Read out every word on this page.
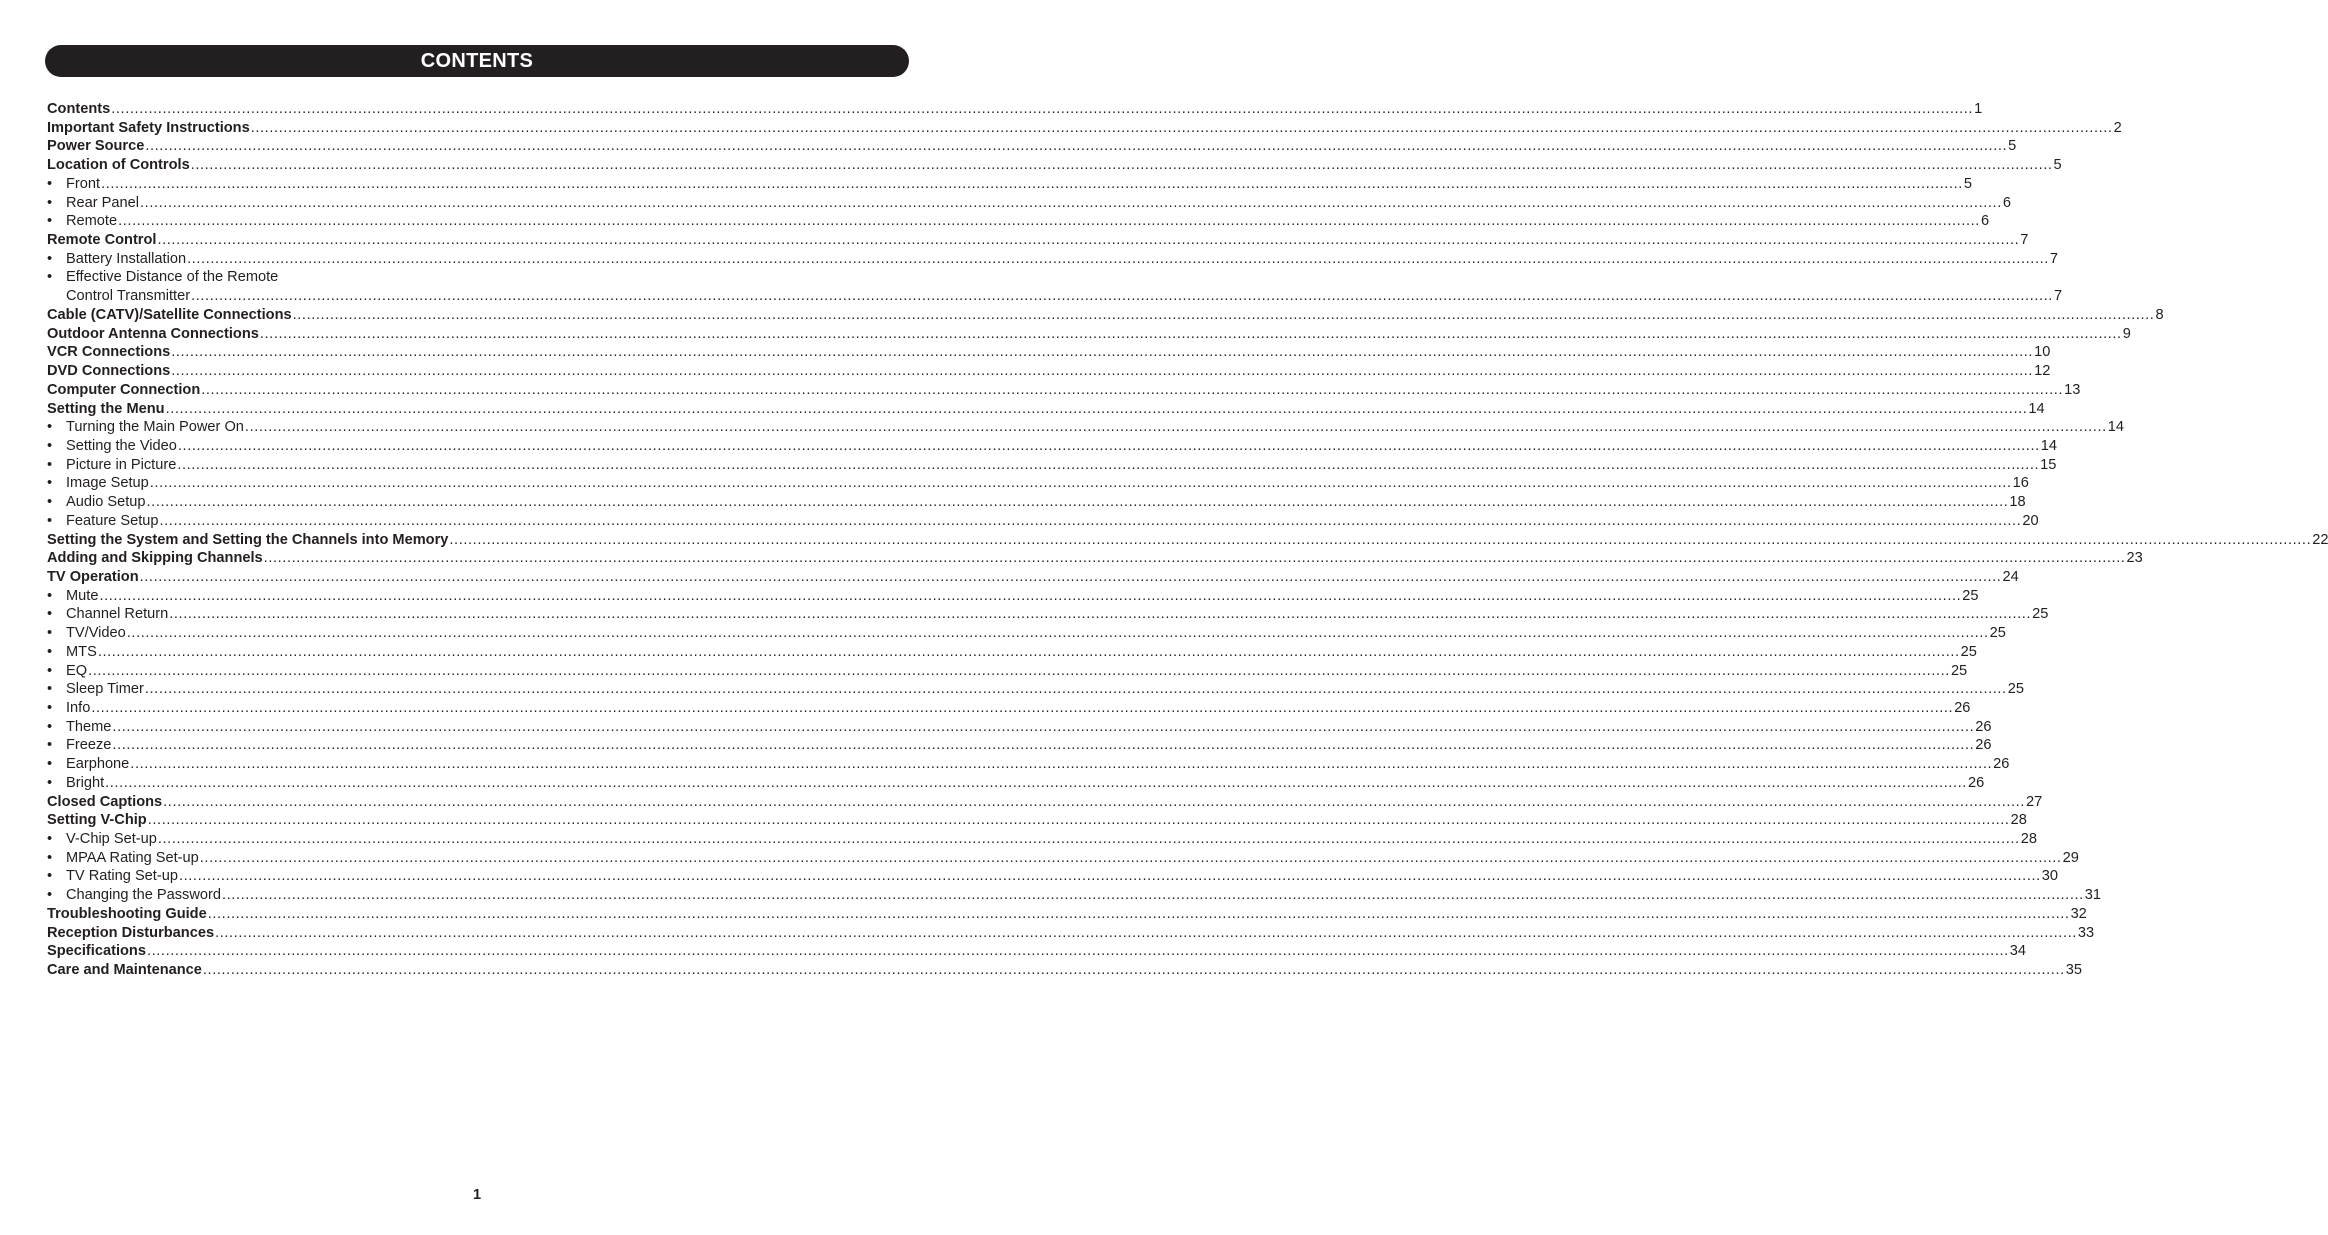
CONTENTS
Contents ................................................................................................................................................................................................................................................................................................................................................................................................................ 1
Important Safety Instructions ................................................................................................................................................................................................................................................................................................................................................................................................................ 2
Power Source ................................................................................................................................................................................................................................................................................................................................................................................................................ 5
Location of Controls ................................................................................................................................................................................................................................................................................................................................................................................................................ 5
• Front ................................................................................................................................................................................................................................................................................................................................................................................................................ 5
• Rear Panel ................................................................................................................................................................................................................................................................................................................................................................................................................ 6
• Remote ................................................................................................................................................................................................................................................................................................................................................................................................................ 6
Remote Control ................................................................................................................................................................................................................................................................................................................................................................................................................ 7
• Battery Installation ................................................................................................................................................................................................................................................................................................................................................................................................................ 7
• Effective Distance of the Remote
Control Transmitter ................................................................................................................................................................................................................................................................................................................................................................................................................ 7
Cable (CATV)/Satellite Connections ................................................................................................................................................................................................................................................................................................................................................................................................................ 8
Outdoor Antenna Connections ................................................................................................................................................................................................................................................................................................................................................................................................................ 9
VCR Connections ................................................................................................................................................................................................................................................................................................................................................................................................................ 10
DVD Connections ................................................................................................................................................................................................................................................................................................................................................................................................................ 12
Computer Connection ................................................................................................................................................................................................................................................................................................................................................................................................................ 13
Setting the Menu ................................................................................................................................................................................................................................................................................................................................................................................................................ 14
• Turning the Main Power On ................................................................................................................................................................................................................................................................................................................................................................................................................ 14
• Setting the Video ................................................................................................................................................................................................................................................................................................................................................................................................................ 14
• Picture in Picture ................................................................................................................................................................................................................................................................................................................................................................................................................ 15
• Image Setup ................................................................................................................................................................................................................................................................................................................................................................................................................ 16
• Audio Setup ................................................................................................................................................................................................................................................................................................................................................................................................................ 18
• Feature Setup ................................................................................................................................................................................................................................................................................................................................................................................................................ 20
Setting the System and Setting the Channels into Memory ................................................................................................................................................................................................................................................................................................................................................................................................................ 22
Adding and Skipping Channels ................................................................................................................................................................................................................................................................................................................................................................................................................ 23
TV Operation ................................................................................................................................................................................................................................................................................................................................................................................................................ 24
• Mute ................................................................................................................................................................................................................................................................................................................................................................................................................ 25
• Channel Return ................................................................................................................................................................................................................................................................................................................................................................................................................ 25
• TV/Video ................................................................................................................................................................................................................................................................................................................................................................................................................ 25
• MTS ................................................................................................................................................................................................................................................................................................................................................................................................................ 25
• EQ ................................................................................................................................................................................................................................................................................................................................................................................................................ 25
• Sleep Timer ................................................................................................................................................................................................................................................................................................................................................................................................................ 25
• Info ................................................................................................................................................................................................................................................................................................................................................................................................................ 26
• Theme ................................................................................................................................................................................................................................................................................................................................................................................................................ 26
• Freeze ................................................................................................................................................................................................................................................................................................................................................................................................................ 26
• Earphone ................................................................................................................................................................................................................................................................................................................................................................................................................ 26
• Bright ................................................................................................................................................................................................................................................................................................................................................................................................................ 26
Closed Captions ................................................................................................................................................................................................................................................................................................................................................................................................................ 27
Setting V-Chip ................................................................................................................................................................................................................................................................................................................................................................................................................ 28
• V-Chip Set-up ................................................................................................................................................................................................................................................................................................................................................................................................................ 28
• MPAA Rating Set-up ................................................................................................................................................................................................................................................................................................................................................................................................................ 29
• TV Rating Set-up ................................................................................................................................................................................................................................................................................................................................................................................................................ 30
• Changing the Password ................................................................................................................................................................................................................................................................................................................................................................................................................ 31
Troubleshooting Guide ................................................................................................................................................................................................................................................................................................................................................................................................................ 32
Reception Disturbances ................................................................................................................................................................................................................................................................................................................................................................................................................ 33
Specifications ................................................................................................................................................................................................................................................................................................................................................................................................................ 34
Care and Maintenance ................................................................................................................................................................................................................................................................................................................................................................................................................ 35
1
